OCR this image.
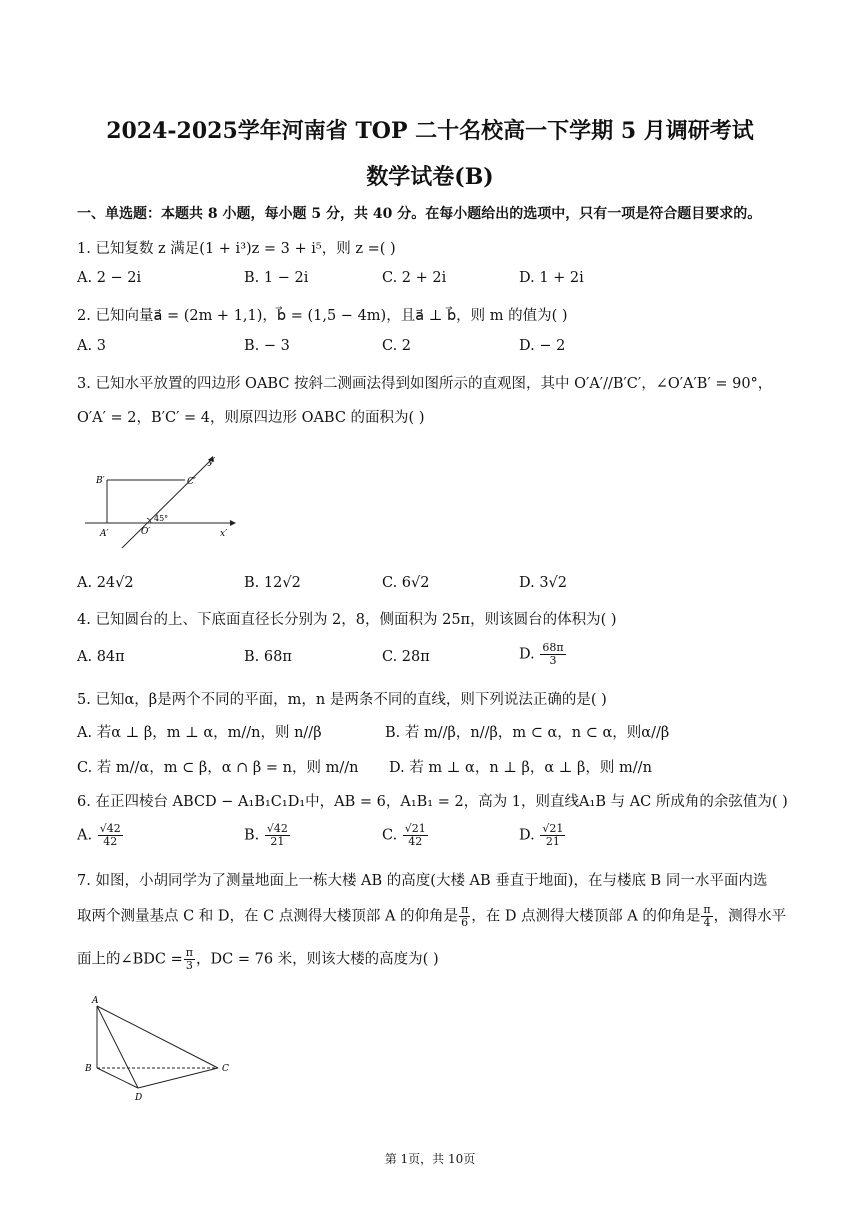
2024-2025学年河南省 TOP 二十名校高一下学期 5 月调研考试
数学试卷(B)
一、单选题：本题共 8 小题，每小题 5 分，共 40 分。在每小题给出的选项中，只有一项是符合题目要求的。
1. 已知复数 z 满足(1 + i³)z = 3 + i⁵，则 z =( )
A. 2 − 2i	B. 1 − 2i	C. 2 + 2i	D. 1 + 2i
2. 已知向量a⃗ = (2m + 1,1)，b⃗ = (1,5 − 4m)，且a⃗ ⊥ b⃗，则 m 的值为( )
A. 3	B. − 3	C. 2	D. − 2
3. 已知水平放置的四边形 OABC 按斜二测画法得到如图所示的直观图，其中 O′A′//B′C′，∠O′A′B′ = 90°，
O′A′ = 2，B′C′ = 4，则原四边形 OABC 的面积为( )
y′
x′
B′	C′
A′	O′
45°
A. 24√2	B. 12√2	C. 6√2	D. 3√2
4. 已知圆台的上、下底面直径长分别为 2，8，侧面积为 25π，则该圆台的体积为( )
A. 84π	B. 68π	C. 28π	D. $\frac{68\pi}{3}$
5. 已知α，β是两个不同的平面，m，n 是两条不同的直线，则下列说法正确的是( )
A. 若α ⊥ β，m ⊥ α，m//n，则 n//β	B. 若 m//β，n//β，m ⊂ α，n ⊂ α，则α//β
C. 若 m//α，m ⊂ β，α ∩ β = n，则 m//n D. 若 m ⊥ α，n ⊥ β，α ⊥ β，则 m//n
6. 在正四棱台 ABCD − A₁B₁C₁D₁中，AB = 6，A₁B₁ = 2，高为 1，则直线A₁B 与 AC 所成角的余弦值为( )
A. $\frac{√42}{42}$	B. $\frac{√42}{21}$	C. $\frac{√21}{42}$	D. $\frac{√21}{21}$
7. 如图，小胡同学为了测量地面上一栋大楼 AB 的高度(大楼 AB 垂直于地面)，在与楼底 B 同一水平面内选
取两个测量基点 C 和 D，在 C 点测得大楼顶部 A 的仰角是 $\frac{\pi}{6}$ ，在 D 点测得大楼顶部 A 的仰角是 $\frac{\pi}{4}$ ，测得水平
面上的∠BDC = $\frac{\pi}{3}$ ，DC = 76 米，则该大楼的高度为( )
A
B	C
D
第 1页，共 10页
